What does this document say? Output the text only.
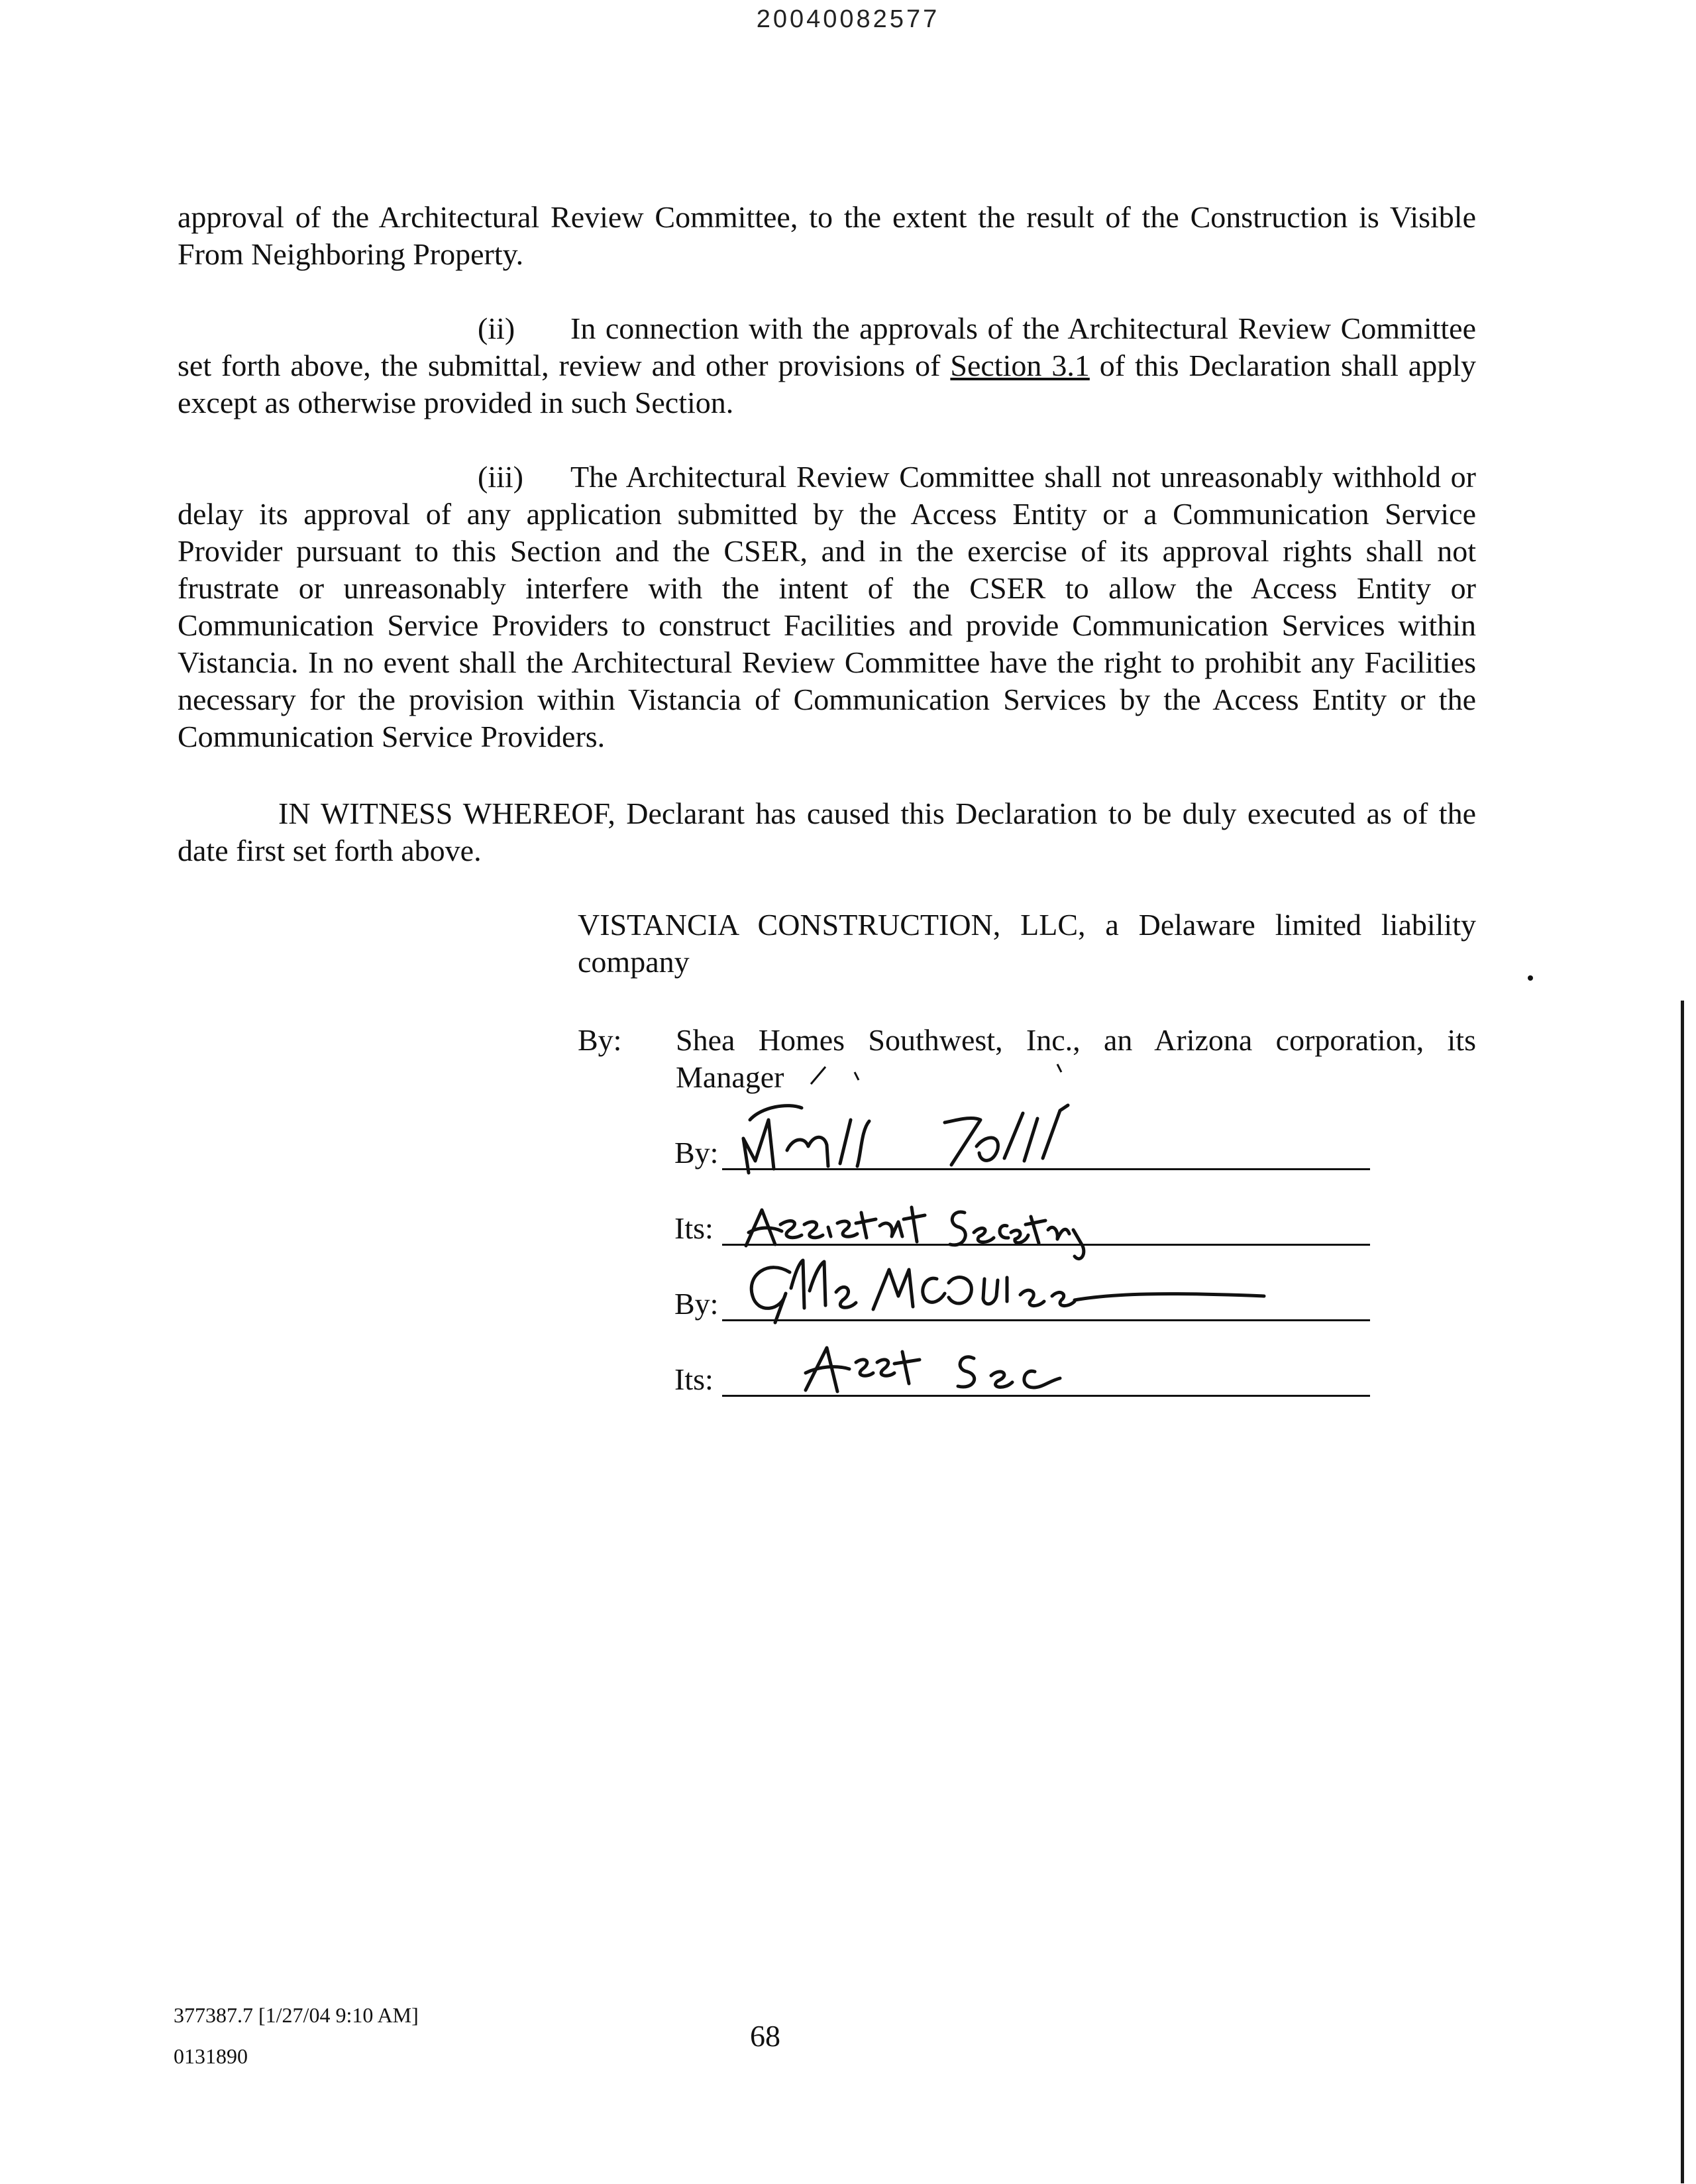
20040082577

approval of the Architectural Review Committee, to the extent the result of the Construction is Visible From Neighboring Property.

(ii) In connection with the approvals of the Architectural Review Committee set forth above, the submittal, review and other provisions of Section 3.1 of this Declaration shall apply except as otherwise provided in such Section.

(iii) The Architectural Review Committee shall not unreasonably withhold or delay its approval of any application submitted by the Access Entity or a Communication Service Provider pursuant to this Section and the CSER, and in the exercise of its approval rights shall not frustrate or unreasonably interfere with the intent of the CSER to allow the Access Entity or Communication Service Providers to construct Facilities and provide Communication Services within Vistancia. In no event shall the Architectural Review Committee have the right to prohibit any Facilities necessary for the provision within Vistancia of Communication Services by the Access Entity or the Communication Service Providers.

IN WITNESS WHEREOF, Declarant has caused this Declaration to be duly executed as of the date first set forth above.

VISTANCIA CONSTRUCTION, LLC, a Delaware limited liability company

By: Shea Homes Southwest, Inc., an Arizona corporation, its Manager

By:
Its:
By:
Its:
377387.7 [1/27/04 9:10 AM]
0131890
68
